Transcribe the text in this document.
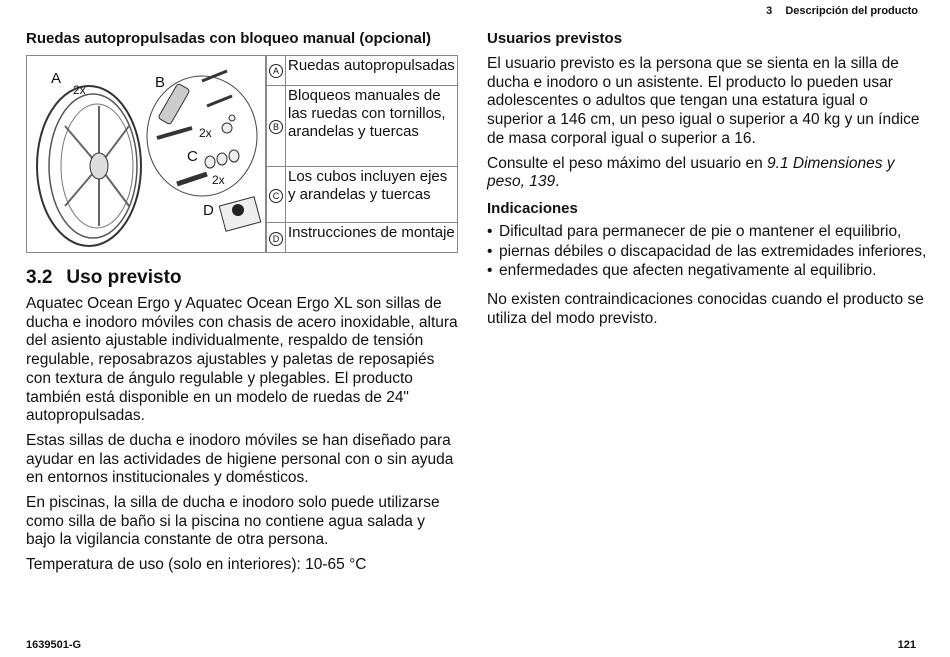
3 Descripción del producto
Ruedas autopropulsadas con bloqueo manual (opcional)
A
2x	B
2x
C
2x
D
A	Ruedas autopropulsadas
B	Bloqueos manuales de las ruedas con tornillos, arandelas y tuercas
C	Los cubos incluyen ejes y arandelas y tuercas
D	Instrucciones de montaje
3.2 Uso previsto

Aquatec Ocean Ergo y Aquatec Ocean Ergo XL son sillas de ducha e inodoro móviles con chasis de acero inoxidable, altura del asiento ajustable individualmente, respaldo de tensión regulable, reposabrazos ajustables y paletas de reposapiés con textura de ángulo regulable y plegables. El producto también está disponible en un modelo de ruedas de 24" autopropulsadas.

Estas sillas de ducha e inodoro móviles se han diseñado para ayudar en las actividades de higiene personal con o sin ayuda en entornos institucionales y domésticos.

En piscinas, la silla de ducha e inodoro solo puede utilizarse como silla de baño si la piscina no contiene agua salada y bajo la vigilancia constante de otra persona.

Temperatura de uso (solo en interiores): 10-65 °C

Usuarios previstos

El usuario previsto es la persona que se sienta en la silla de ducha e inodoro o un asistente. El producto lo pueden usar adolescentes o adultos que tengan una estatura igual o superior a 146 cm, un peso igual o superior a 40 kg y un índice de masa corporal igual o superior a 16.

Consulte el peso máximo del usuario en 9.1 Dimensiones y peso, 139.

Indicaciones
• Dificultad para permanecer de pie o mantener el equilibrio,
• piernas débiles o discapacidad de las extremidades inferiores,
• enfermedades que afecten negativamente al equilibrio.

No existen contraindicaciones conocidas cuando el producto se utiliza del modo previsto.

1639501-G	121
